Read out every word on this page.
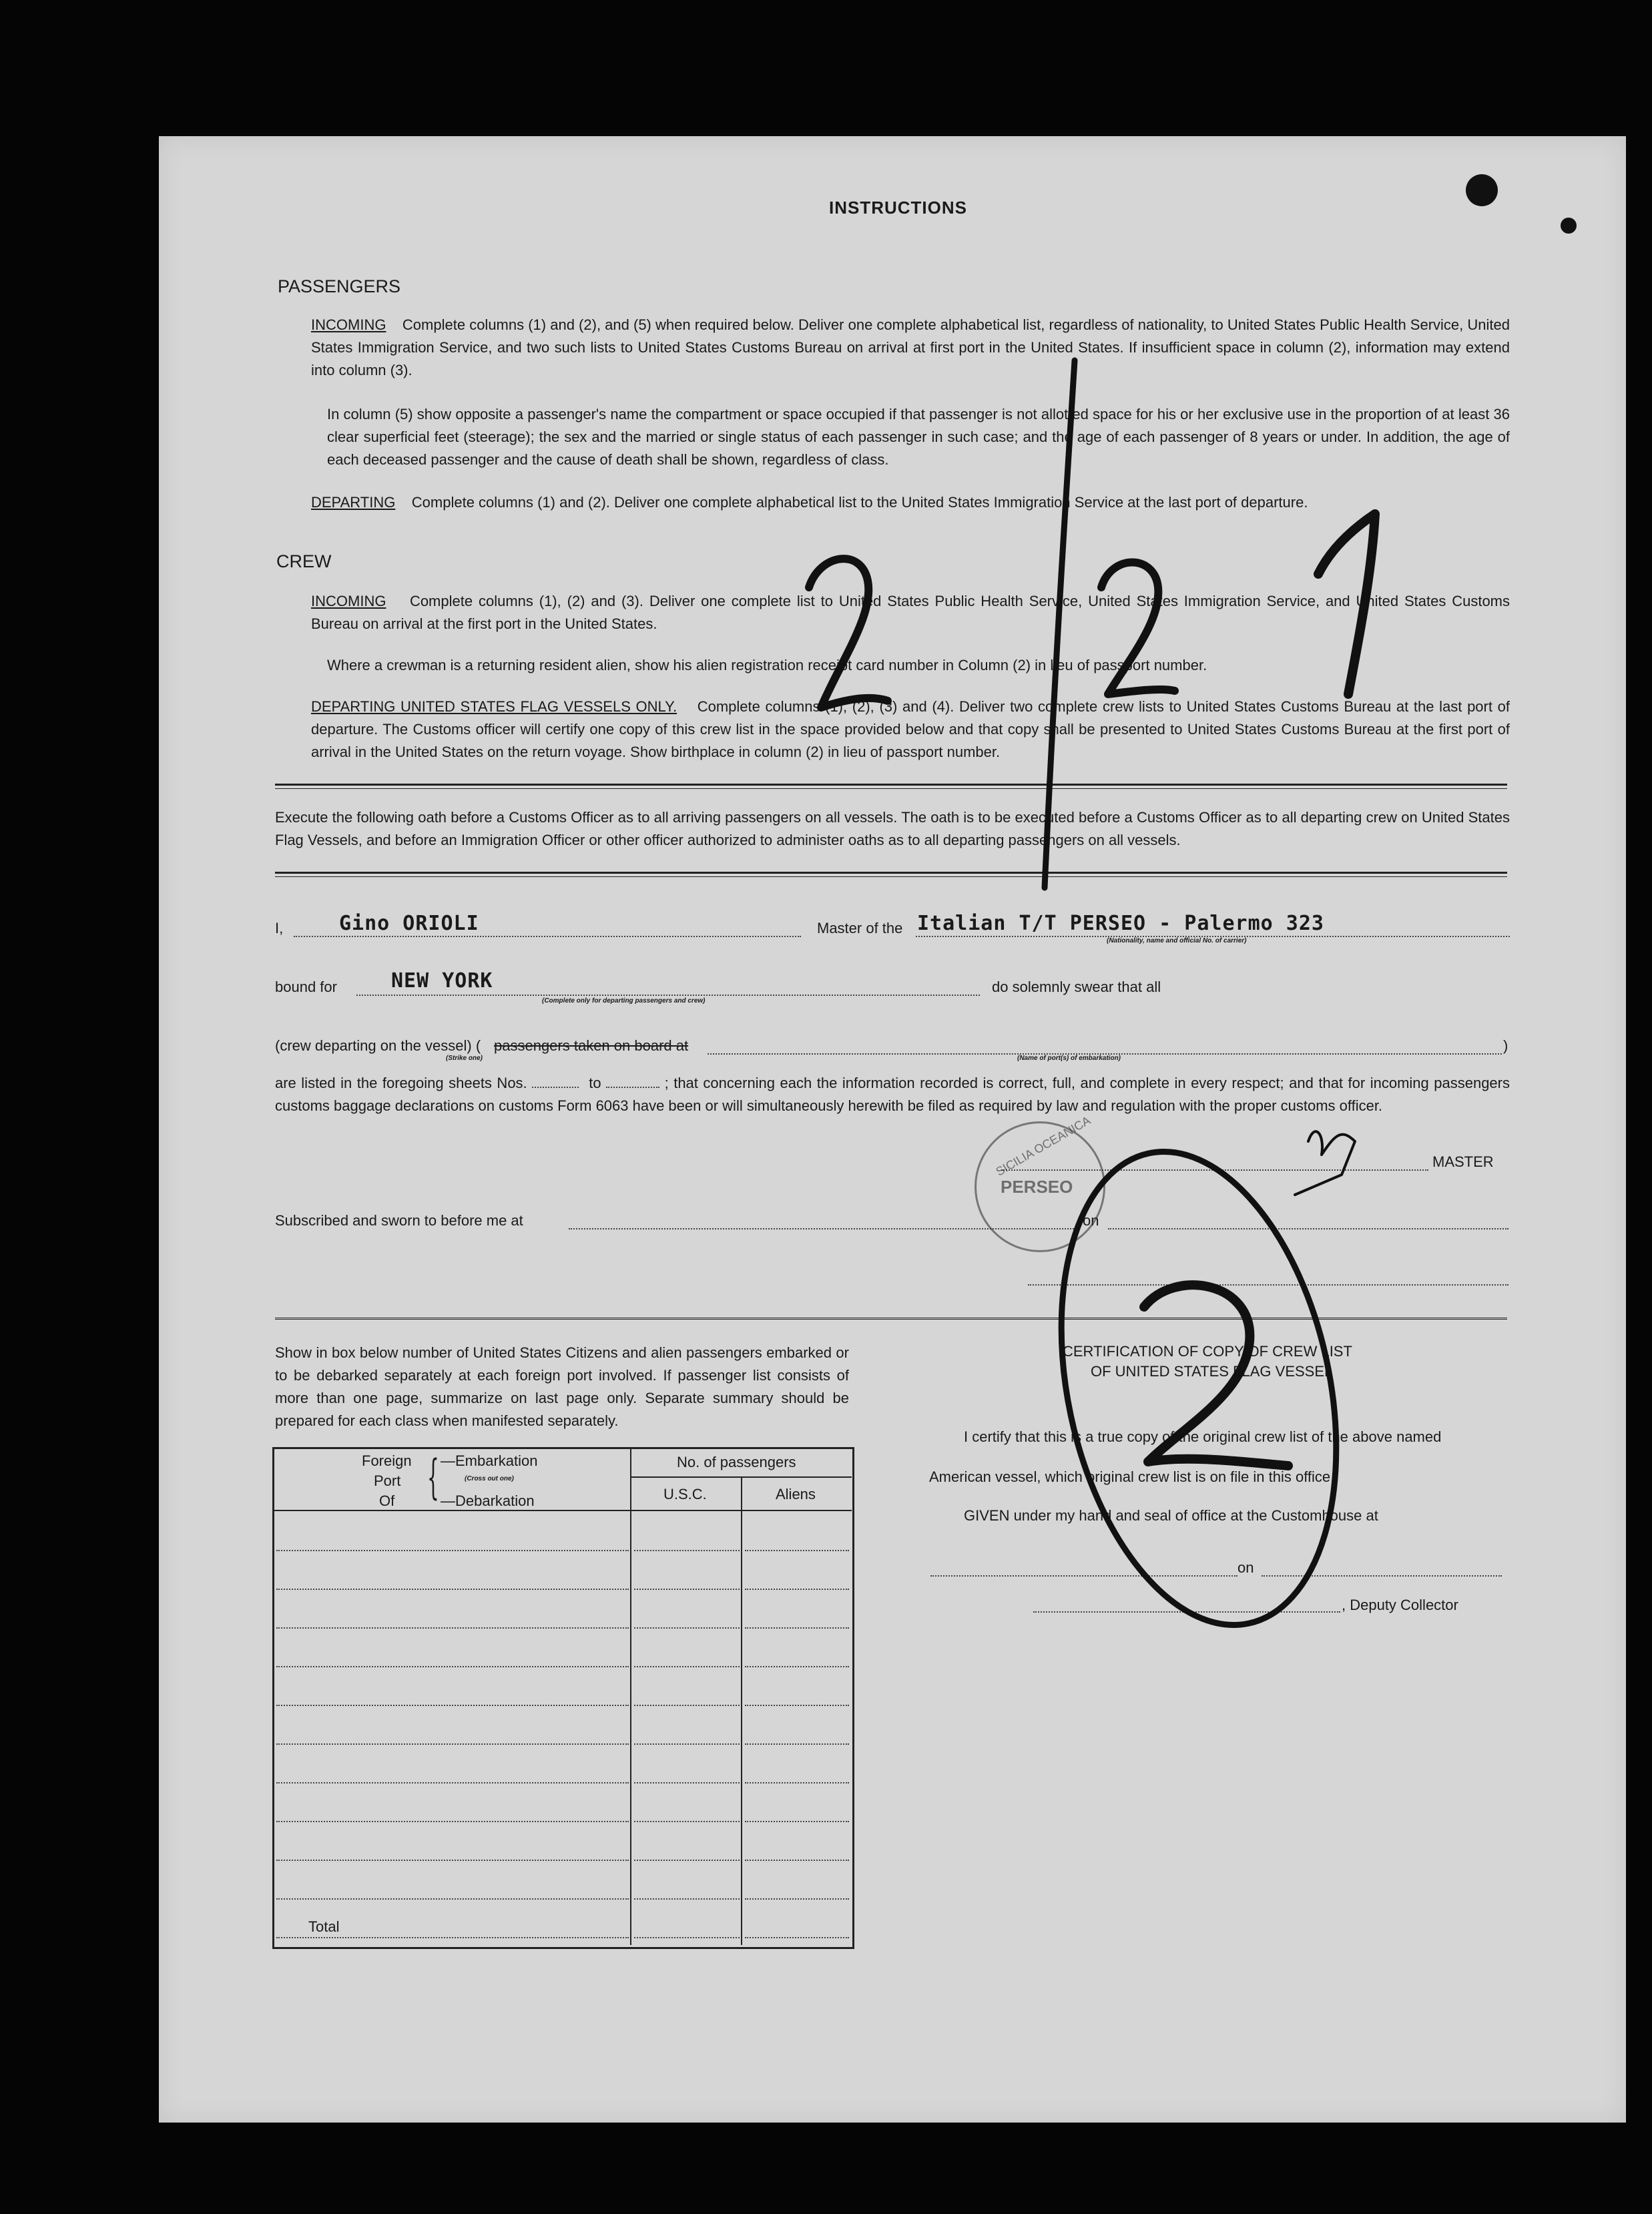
INSTRUCTIONS
PASSENGERS
INCOMING Complete columns (1) and (2), and (5) when required below. Deliver one complete alphabetical list, regardless of nationality, to United States Public Health Service, United States Immigration Service, and two such lists to United States Customs Bureau on arrival at first port in the United States. If insufficient space in column (2), information may extend into column (3).
In column (5) show opposite a passenger's name the compartment or space occupied if that passenger is not allotted space for his or her exclusive use in the proportion of at least 36 clear superficial feet (steerage); the sex and the married or single status of each passenger in such case; and the age of each passenger of 8 years or under. In addition, the age of each deceased passenger and the cause of death shall be shown, regardless of class.
DEPARTING Complete columns (1) and (2). Deliver one complete alphabetical list to the United States Immigration Service at the last port of departure.
CREW
INCOMING Complete columns (1), (2) and (3). Deliver one complete list to United States Public Health Service, United States Immigration Service, and United States Customs Bureau on arrival at the first port in the United States.
Where a crewman is a returning resident alien, show his alien registration receipt card number in Column (2) in lieu of passport number.
DEPARTING UNITED STATES FLAG VESSELS ONLY. Complete columns (1), (2), (3) and (4). Deliver two complete crew lists to United States Customs Bureau at the last port of departure. The Customs officer will certify one copy of this crew list in the space provided below and that copy shall be presented to United States Customs Bureau at the first port of arrival in the United States on the return voyage. Show birthplace in column (2) in lieu of passport number.
Execute the following oath before a Customs Officer as to all arriving passengers on all vessels. The oath is to be executed before a Customs Officer as to all departing crew on United States Flag Vessels, and before an Immigration Officer or other officer authorized to administer oaths as to all departing passengers on all vessels.
I,	Gino ORIOLI	Master of the Italian T/T PERSEO - Palermo 323
(Nationality, name and official No. of carrier)
bound for	NEW YORK
(Complete only for departing passengers and crew)
do solemnly swear that all
(crew departing on the vessel) ( passengers taken on board at	)
(Strike one)	(Name of port(s) of embarkation)
are listed in the foregoing sheets Nos.	to	; that concerning each the information recorded is correct, full, and complete in every respect; and that for incoming passengers customs baggage declarations on customs Form 6063 have been or will simultaneously herewith be filed as required by law and regulation with the proper customs officer.
MASTER
Subscribed and sworn to before me at	on
Show in box below number of United States Citizens and alien passengers embarked or to be debarked separately at each foreign port involved. If passenger list consists of more than one page, summarize on last page only. Separate summary should be prepared for each class when manifested separately.
Foreign
Port
Of { —Embarkation
(Cross out one)
—Debarkation
No. of passengers
U.S.C.	Aliens
Total
CERTIFICATION OF COPY OF CREW LIST
OF UNITED STATES FLAG VESSEL
I certify that this is a true copy of the original crew list of the above named
American vessel, which original crew list is on file in this office.
GIVEN under my hand and seal of office at the Customhouse at
on
, Deputy Collector
SICILIA OCEANICA
PERSEO
